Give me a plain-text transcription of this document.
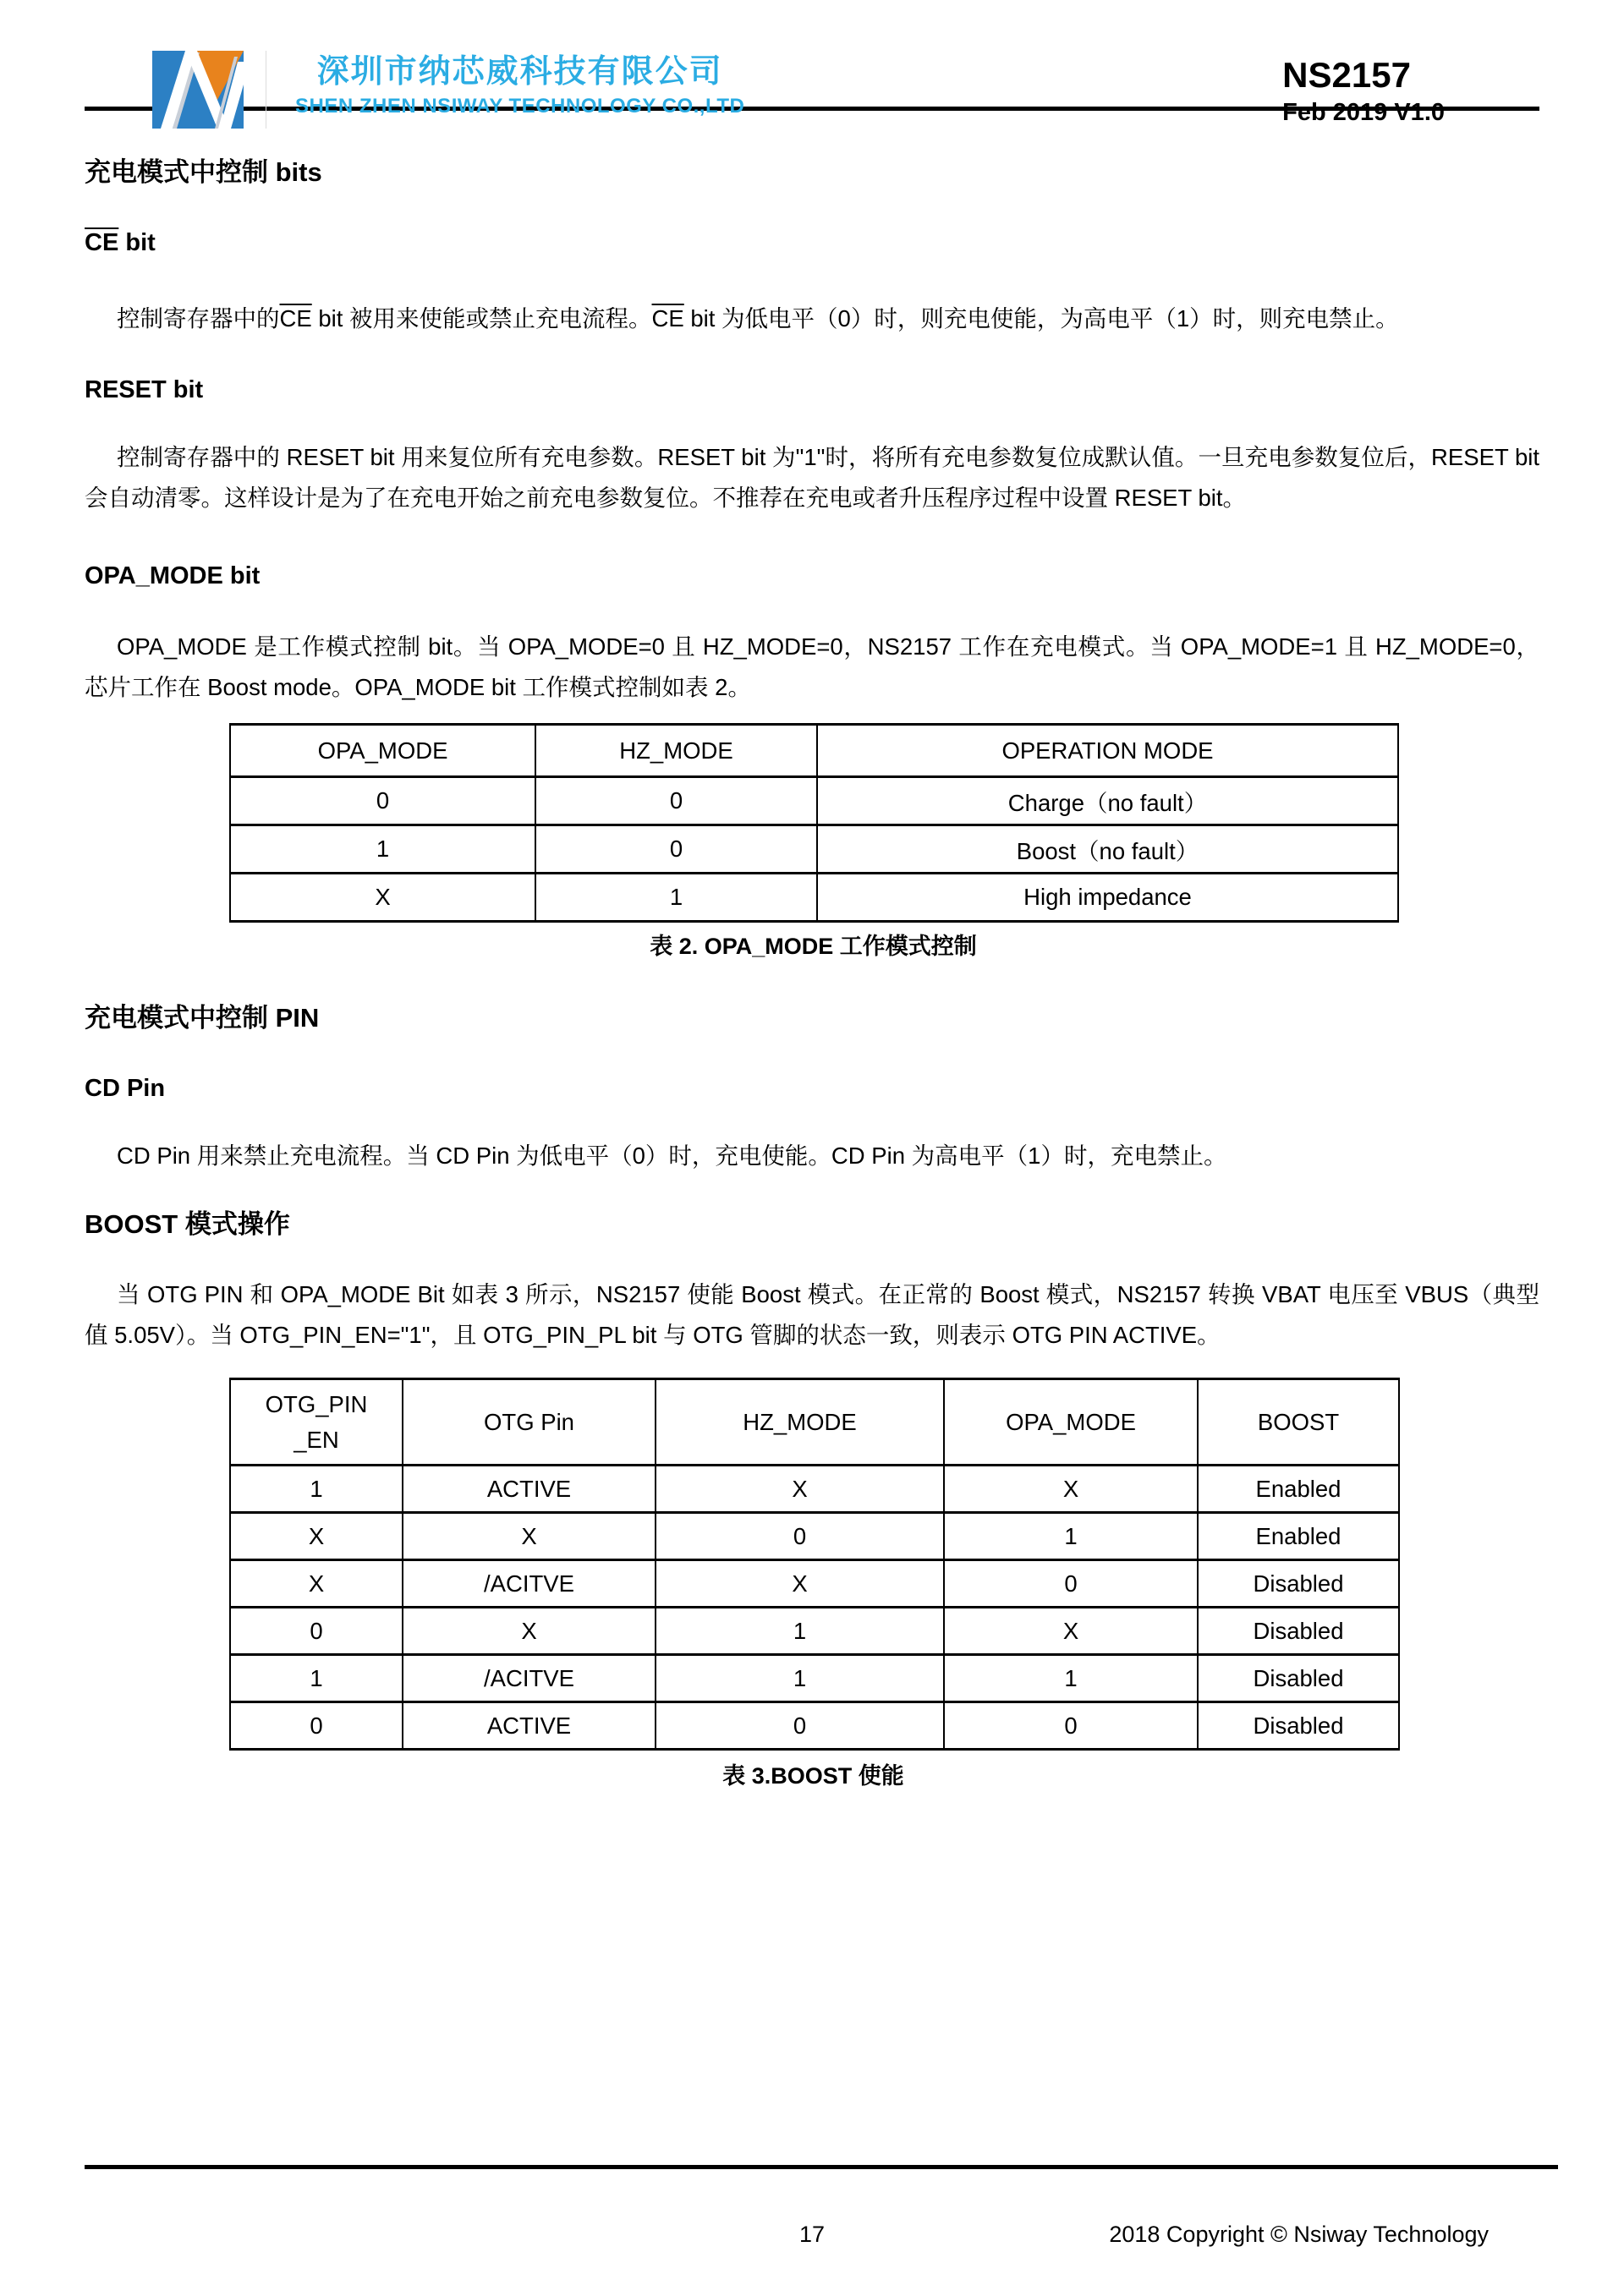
深圳市纳芯威科技有限公司
SHEN ZHEN NSIWAY TECHNOLOGY CO.,LTD
NS2157
Feb 2019 V1.0
充电模式中控制 bits
$\overline{CE}$ bit
控制寄存器中的$\overline{CE}$ bit 被用来使能或禁止充电流程。$\overline{CE}$ bit 为低电平（0）时，则充电使能，为高电平（1）时，则充电禁止。
RESET bit
控制寄存器中的 RESET bit 用来复位所有充电参数。RESET bit 为"1"时，将所有充电参数复位成默认值。一旦充电参数复位后，RESET bit 会自动清零。这样设计是为了在充电开始之前充电参数复位。不推荐在充电或者升压程序过程中设置 RESET bit。
OPA_MODE bit
OPA_MODE 是工作模式控制 bit。当 OPA_MODE=0 且 HZ_MODE=0，NS2157 工作在充电模式。当 OPA_MODE=1 且 HZ_MODE=0，芯片工作在 Boost mode。OPA_MODE bit 工作模式控制如表 2。
OPA_MODE	HZ_MODE	OPERATION MODE
0	0	Charge（no fault）
1	0	Boost（no fault）
X	1	High impedance
表 2. OPA_MODE 工作模式控制
充电模式中控制 PIN
CD Pin
CD Pin 用来禁止充电流程。当 CD Pin 为低电平（0）时，充电使能。CD Pin 为高电平（1）时，充电禁止。
BOOST 模式操作
当 OTG PIN 和 OPA_MODE Bit 如表 3 所示，NS2157 使能 Boost 模式。在正常的 Boost 模式，NS2157 转换 VBAT 电压至 VBUS（典型值 5.05V）。当 OTG_PIN_EN="1"，且 OTG_PIN_PL bit 与 OTG 管脚的状态一致，则表示 OTG PIN ACTIVE。
OTG_PIN
_EN	OTG Pin	HZ_MODE	OPA_MODE	BOOST
1	ACTIVE	X	X	Enabled
X	X	0	1	Enabled
X	/ACITVE	X	0	Disabled
0	X	1	X	Disabled
1	/ACITVE	1	1	Disabled
0	ACTIVE	0	0	Disabled
表 3.BOOST 使能
17	2018 Copyright © Nsiway Technology
